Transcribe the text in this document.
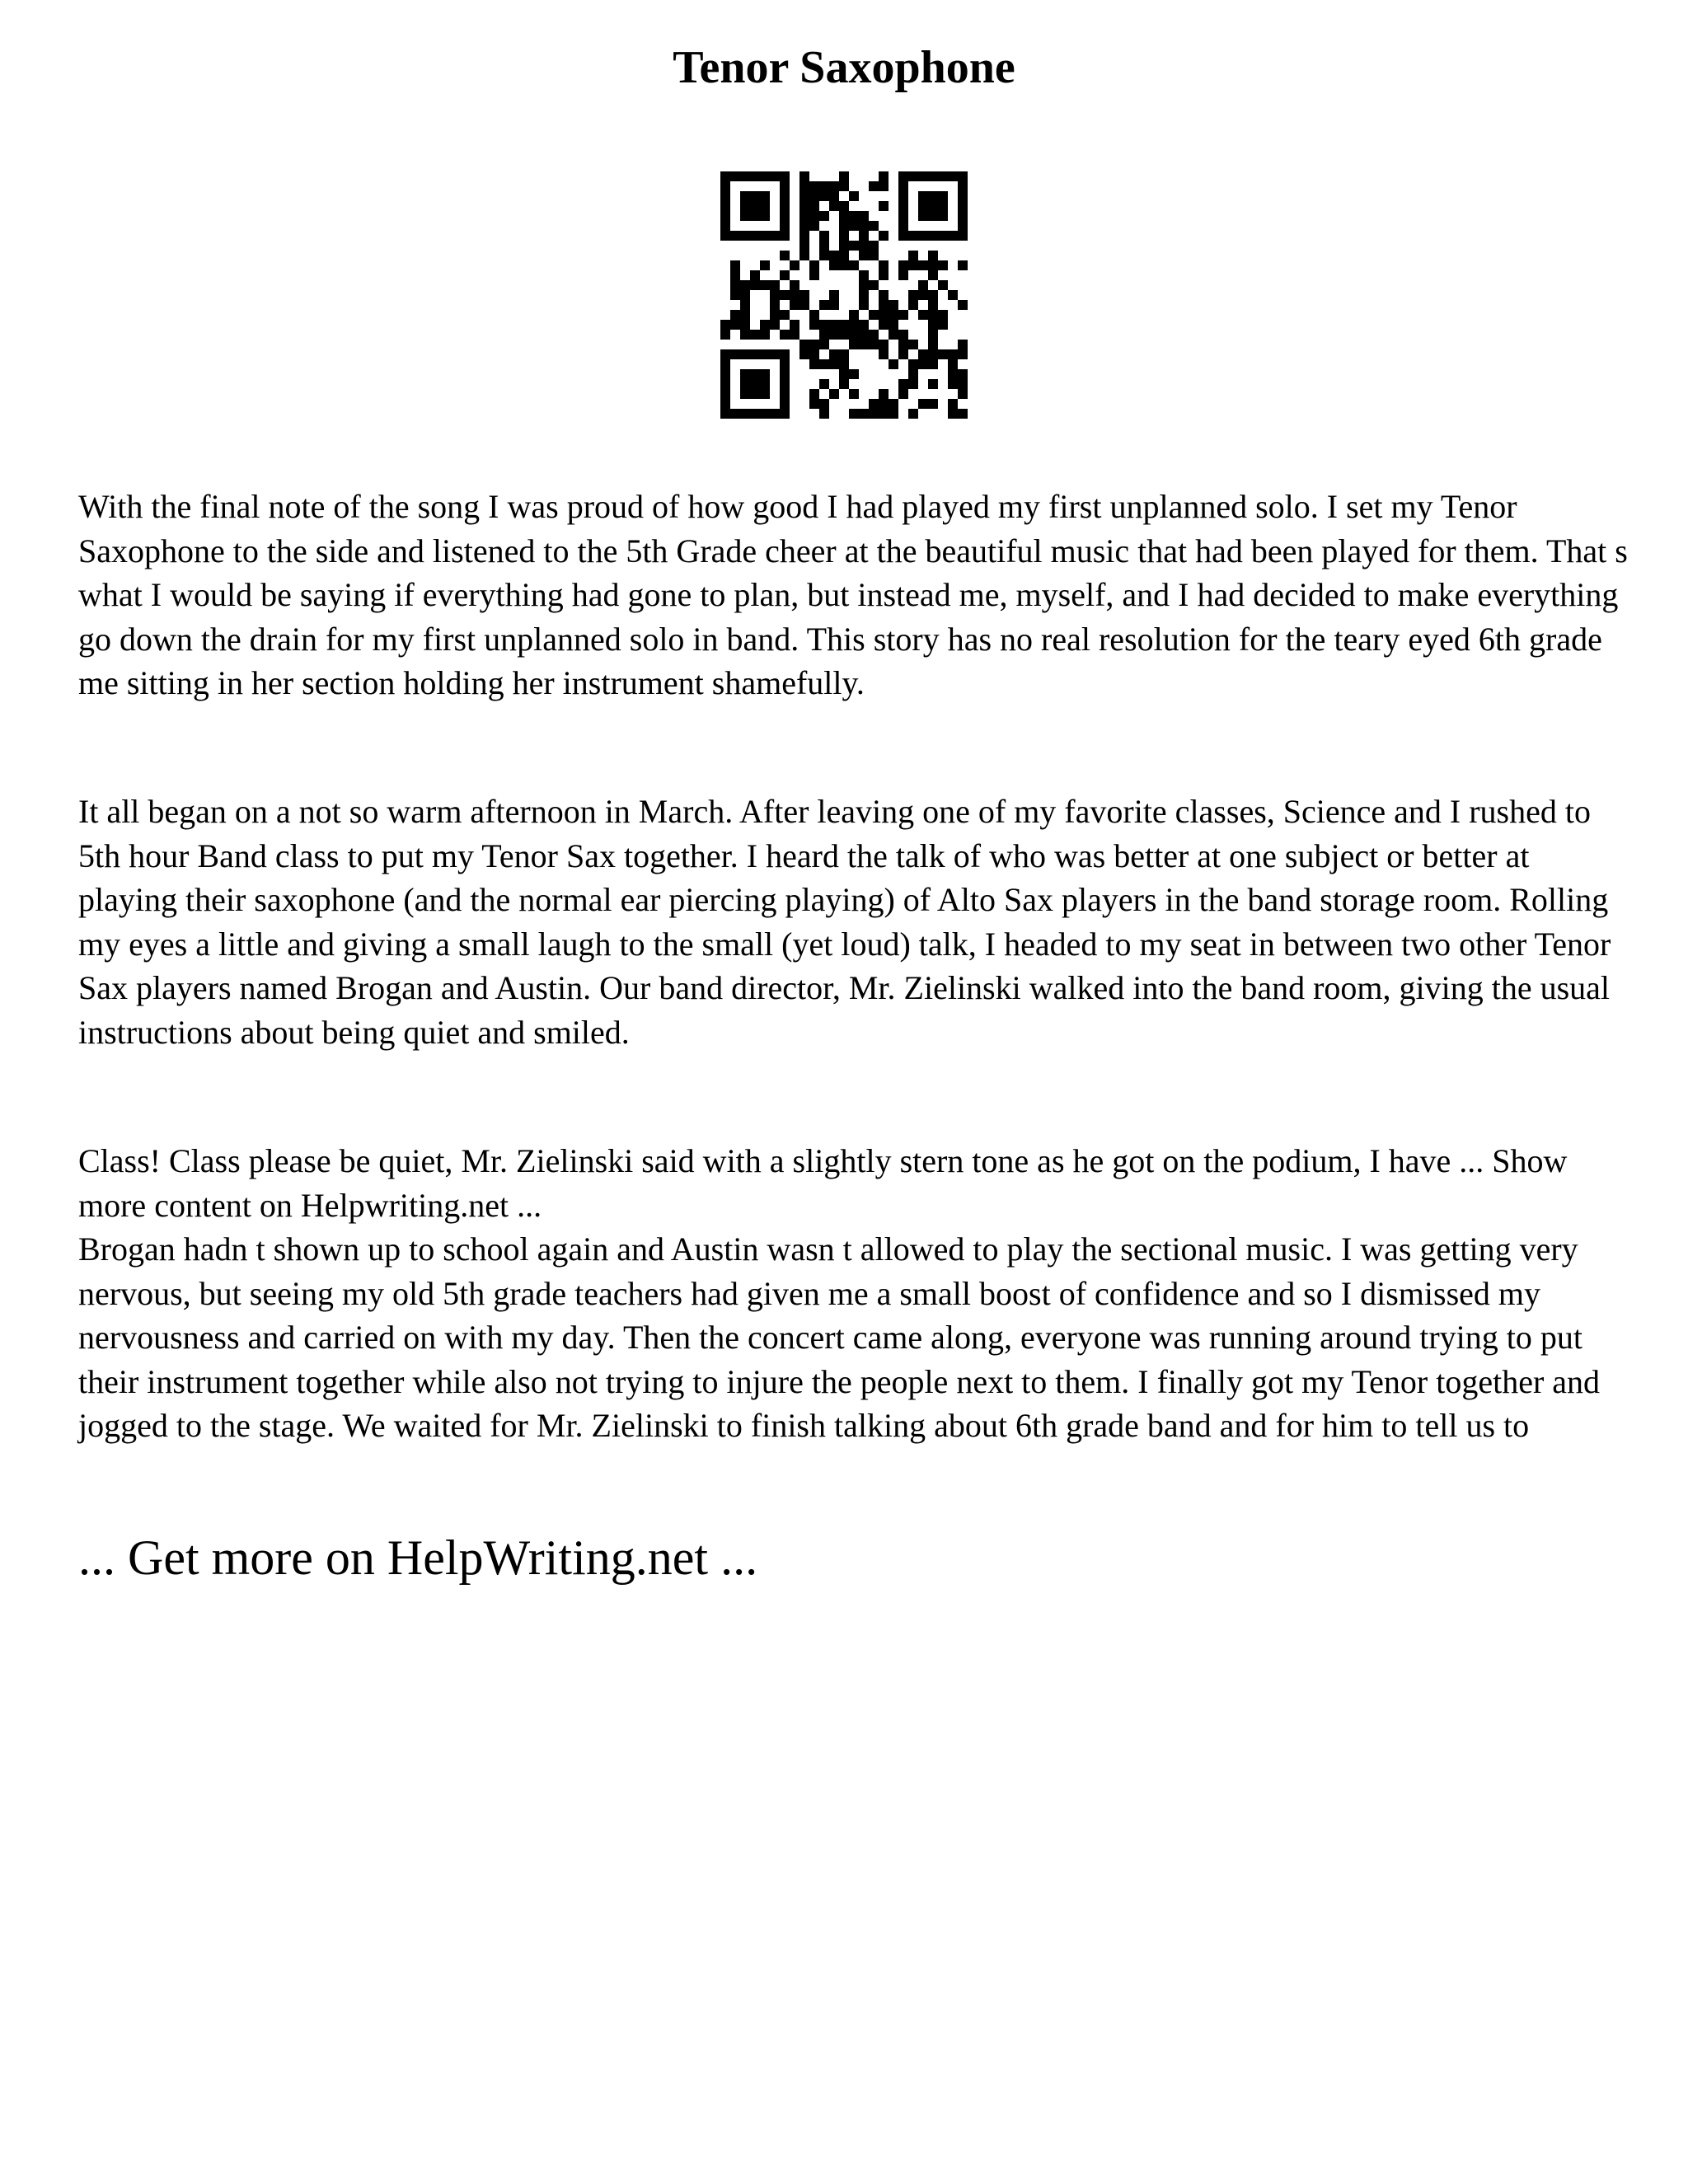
Tenor Saxophone

With the final note of the song I was proud of how good I had played my first unplanned solo. I set my Tenor Saxophone to the side and listened to the 5th Grade cheer at the beautiful music that had been played for them. That s what I would be saying if everything had gone to plan, but instead me, myself, and I had decided to make everything go down the drain for my first unplanned solo in band. This story has no real resolution for the teary eyed 6th grade me sitting in her section holding her instrument shamefully.

It all began on a not so warm afternoon in March. After leaving one of my favorite classes, Science and I rushed to 5th hour Band class to put my Tenor Sax together. I heard the talk of who was better at one subject or better at playing their saxophone (and the normal ear piercing playing) of Alto Sax players in the band storage room. Rolling my eyes a little and giving a small laugh to the small (yet loud) talk, I headed to my seat in between two other Tenor Sax players named Brogan and Austin. Our band director, Mr. Zielinski walked into the band room, giving the usual instructions about being quiet and smiled.

Class! Class please be quiet, Mr. Zielinski said with a slightly stern tone as he got on the podium, I have ... Show more content on Helpwriting.net ...

Brogan hadn t shown up to school again and Austin wasn t allowed to play the sectional music. I was getting very nervous, but seeing my old 5th grade teachers had given me a small boost of confidence and so I dismissed my nervousness and carried on with my day. Then the concert came along, everyone was running around trying to put their instrument together while also not trying to injure the people next to them. I finally got my Tenor together and jogged to the stage. We waited for Mr. Zielinski to finish talking about 6th grade band and for him to tell us to

... Get more on HelpWriting.net ...
